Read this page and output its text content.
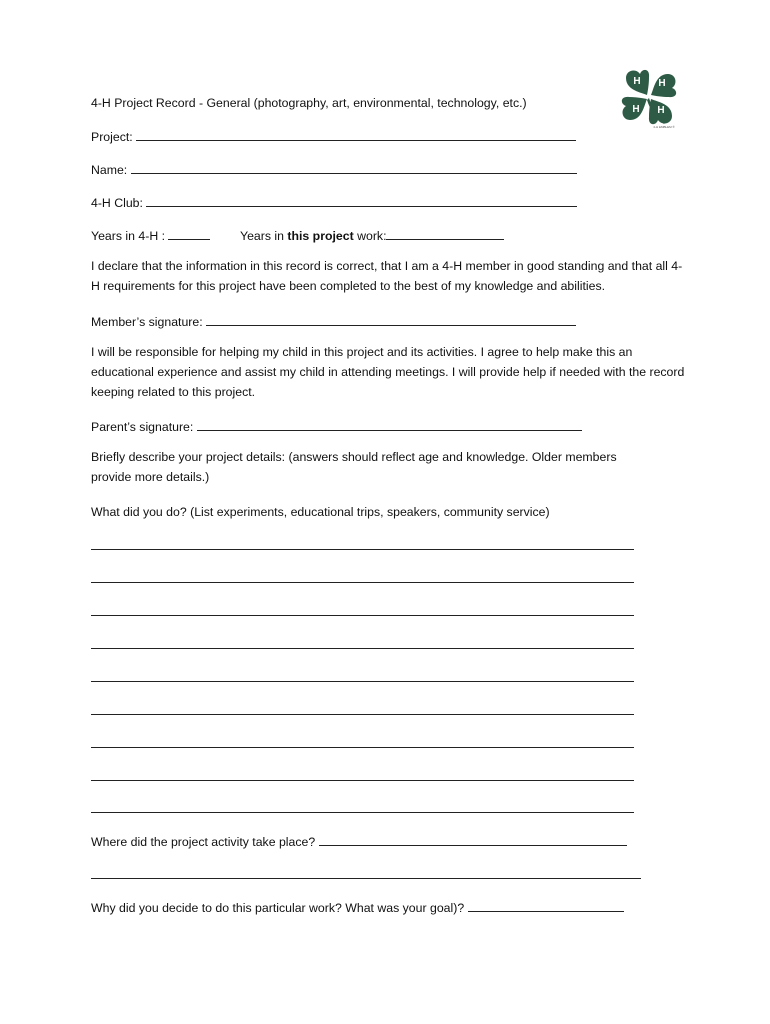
H H
H
H
4-H EMBLEM ®
4-H Project Record - General (photography, art, environmental, technology, etc.)
Project:
Name:
4-H Club:
Years in 4-H :	Years in this project work:
I declare that the information in this record is correct, that I am a 4-H member in good standing and that all 4-H requirements for this project have been completed to the best of my knowledge and abilities.
Member’s signature:
I will be responsible for helping my child in this project and its activities. I agree to help make this an educational experience and assist my child in attending meetings. I will provide help if needed with the record keeping related to this project.
Parent’s signature:
Briefly describe your project details: (answers should reflect age and knowledge. Older members provide more details.)
What did you do? (List experiments, educational trips, speakers, community service)
Where did the project activity take place?
Why did you decide to do this particular work? What was your goal)?
